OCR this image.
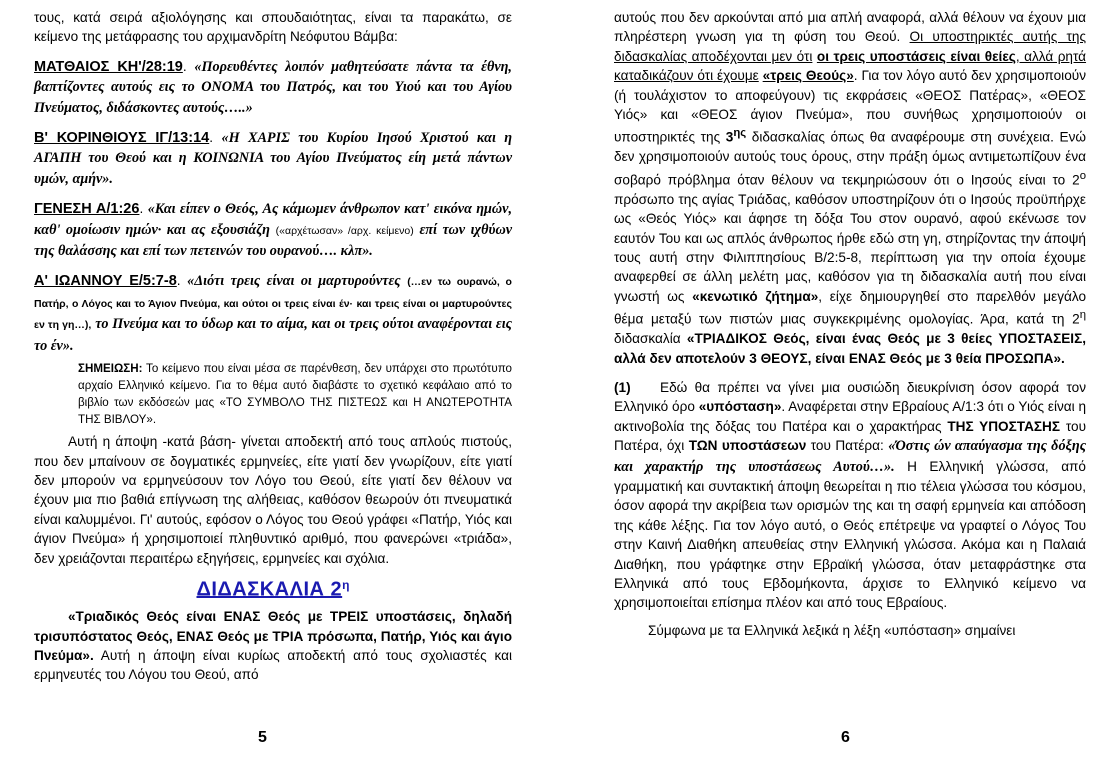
τους, κατά σειρά αξιολόγησης και σπουδαιότητας, είναι τα παρακάτω, σε κείμενο της μετάφρασης του αρχιμανδρίτη Νεόφυτου Βάμβα:

ΜΑΤΘΑΙΟΣ ΚΗ'/28:19. «Πορευθέντες λοιπόν μαθητεύσατε πάντα τα έθνη, βαπτίζοντες αυτούς εις το ΟΝΟΜΑ του Πατρός, και του Υιού και του Αγίου Πνεύματος, διδάσκοντες αυτούς…..»

Β' ΚΟΡΙΝΘΙΟΥΣ ΙΓ/13:14. «Η ΧΑΡΙΣ του Κυρίου Ιησού Χριστού και η ΑΓΑΠΗ του Θεού και η ΚΟΙΝΩΝΙΑ του Αγίου Πνεύματος είη μετά πάντων υμών, αμήν».

ΓΕΝΕΣΗ Α/1:26. «Και είπεν ο Θεός, Ας κάμωμεν άνθρωπον κατ' εικόνα ημών, καθ' ομοίωσιν ημών· και ας εξουσιάζη («αρχέτωσαν» /αρχ. κείμενο) επί των ιχθύων της θαλάσσης και επί των πετεινών του ουρανού…. κλπ».

Α' ΙΩΑΝΝΟΥ Ε/5:7-8. «Διότι τρεις είναι οι μαρτυρούντες (…εν τω ουρανώ, ο Πατήρ, ο Λόγος και το Άγιον Πνεύμα, και ούτοι οι τρεις είναι έν· και τρεις είναι οι μαρτυρούντες εν τη γη…), το Πνεύμα και το ύδωρ και το αίμα, και οι τρεις ούτοι αναφέρονται εις το έν».

ΣΗΜΕΙΩΣΗ: Το κείμενο που είναι μέσα σε παρένθεση, δεν υπάρχει στο πρωτότυπο αρχαίο Ελληνικό κείμενο. Για το θέμα αυτό διαβάστε το σχετικό κεφάλαιο από το βιβλίο των εκδόσεών μας «ΤΟ ΣΥΜΒΟΛΟ ΤΗΣ ΠΙΣΤΕΩΣ και Η ΑΝΩΤΕΡΟΤΗΤΑ ΤΗΣ ΒΙΒΛΟΥ».

Αυτή η άποψη -κατά βάση- γίνεται αποδεκτή από τους απλούς πιστούς, που δεν μπαίνουν σε δογματικές ερμηνείες, είτε γιατί δεν γνωρίζουν, είτε γιατί δεν μπορούν να ερμηνεύσουν τον Λόγο του Θεού, είτε γιατί δεν θέλουν να έχουν μια πιο βαθιά επίγνωση της αλήθειας, καθόσον θεωρούν ότι πνευματικά είναι καλυμμένοι. Γι' αυτούς, εφόσον ο Λόγος του Θεού γράφει «Πατήρ, Υιός και άγιον Πνεύμα» ή χρησιμοποιεί πληθυντικό αριθμό, που φανερώνει «τριάδα», δεν χρειάζονται περαιτέρω εξηγήσεις, ερμηνείες και σχόλια.

ΔΙΔΑΣΚΑΛΙΑ $2^\eta$

«Τριαδικός Θεός είναι ΕΝΑΣ Θεός με ΤΡΕΙΣ υποστάσεις, δηλαδή τρισυπόστατος Θεός, ΕΝΑΣ Θεός με ΤΡΙΑ πρόσωπα, Πατήρ, Υιός και άγιο Πνεύμα». Αυτή η άποψη είναι κυρίως αποδεκτή από τους σχολιαστές και ερμηνευτές του Λόγου του Θεού, από

5

αυτούς που δεν αρκούνται από μια απλή αναφορά, αλλά θέλουν να έχουν μια πληρέστερη γνωση για τη φύση του Θεού. Οι υποστηρικτές αυτής της διδασκαλίας αποδέχονται μεν ότι οι τρεις υποστάσεις είναι θείες, αλλά ρητά καταδικάζουν ότι έχουμε «τρεις Θεούς». Για τον λόγο αυτό δεν χρησιμοποιούν (ή τουλάχιστον το αποφεύγουν) τις εκφράσεις «ΘΕΟΣ Πατέρας», «ΘΕΟΣ Υιός» και «ΘΕΟΣ άγιον Πνεύμα», που συνήθως χρησιμοποιούν οι υποστηρικτές της $3^{\eta\varsigma}$ διδασκαλίας όπως θα αναφέρουμε στη συνέχεια. Ενώ δεν χρησιμοποιούν αυτούς τους όρους, στην πράξη όμως αντιμετωπίζουν ένα σοβαρό πρόβλημα όταν θέλουν να τεκμηριώσουν ότι ο Ιησούς είναι το $2^o$ πρόσωπο της αγίας Τριάδας, καθόσον υποστηρίζουν ότι ο Ιησούς προϋπήρχε ως «Θεός Υιός» και άφησε τη δόξα Του στον ουρανό, αφού εκένωσε τον εαυτόν Του και ως απλός άνθρωπος ήρθε εδώ στη γη, στηρίζοντας την άποψή τους αυτή στην Φιλιππησίους Β/2:5-8, περίπτωση για την οποία έχουμε αναφερθεί σε άλλη μελέτη μας, καθόσον για τη διδασκαλία αυτή που είναι γνωστή ως «κενωτικό ζήτημα», είχε δημιουργηθεί στο παρελθόν μεγάλο θέμα μεταξύ των πιστών μιας συγκεκριμένης ομολογίας. Άρα, κατά τη $2^\eta$ διδασκαλία «ΤΡΙΑΔΙΚΟΣ Θεός, είναι ένας Θεός με 3 θείες ΥΠΟΣΤΑΣΕΙΣ, αλλά δεν αποτελούν 3 ΘΕΟΥΣ, είναι ΕΝΑΣ Θεός με 3 θεία ΠΡΟΣΩΠΑ».

(1) Εδώ θα πρέπει να γίνει μια ουσιώδη διευκρίνιση όσον αφορά τον Ελληνικό όρο «υπόσταση». Αναφέρεται στην Εβραίους Α/1:3 ότι ο Υιός είναι η ακτινοβολία της δόξας του Πατέρα και ο χαρακτήρας ΤΗΣ ΥΠΟΣΤΑΣΗΣ του Πατέρα, όχι ΤΩΝ υποστάσεων του Πατέρα: «Όστις ών απαύγασμα της δόξης και χαρακτήρ της υποστάσεως Αυτού…». Η Ελληνική γλώσσα, από γραμματική και συντακτική άποψη θεωρείται η πιο τέλεια γλώσσα του κόσμου, όσον αφορά την ακρίβεια των ορισμών της και τη σαφή ερμηνεία και απόδοση της κάθε λέξης. Για τον λόγο αυτό, ο Θεός επέτρεψε να γραφτεί ο Λόγος Του στην Καινή Διαθήκη απευθείας στην Ελληνική γλώσσα. Ακόμα και η Παλαιά Διαθήκη, που γράφτηκε στην Εβραϊκή γλώσσα, όταν μεταφράστηκε στα Ελληνικά από τους Εβδομήκοντα, άρχισε το Ελληνικό κείμενο να χρησιμοποιείται επίσημα πλέον και από τους Εβραίους.

Σύμφωνα με τα Ελληνικά λεξικά η λέξη «υπόσταση» σημαίνει

6
